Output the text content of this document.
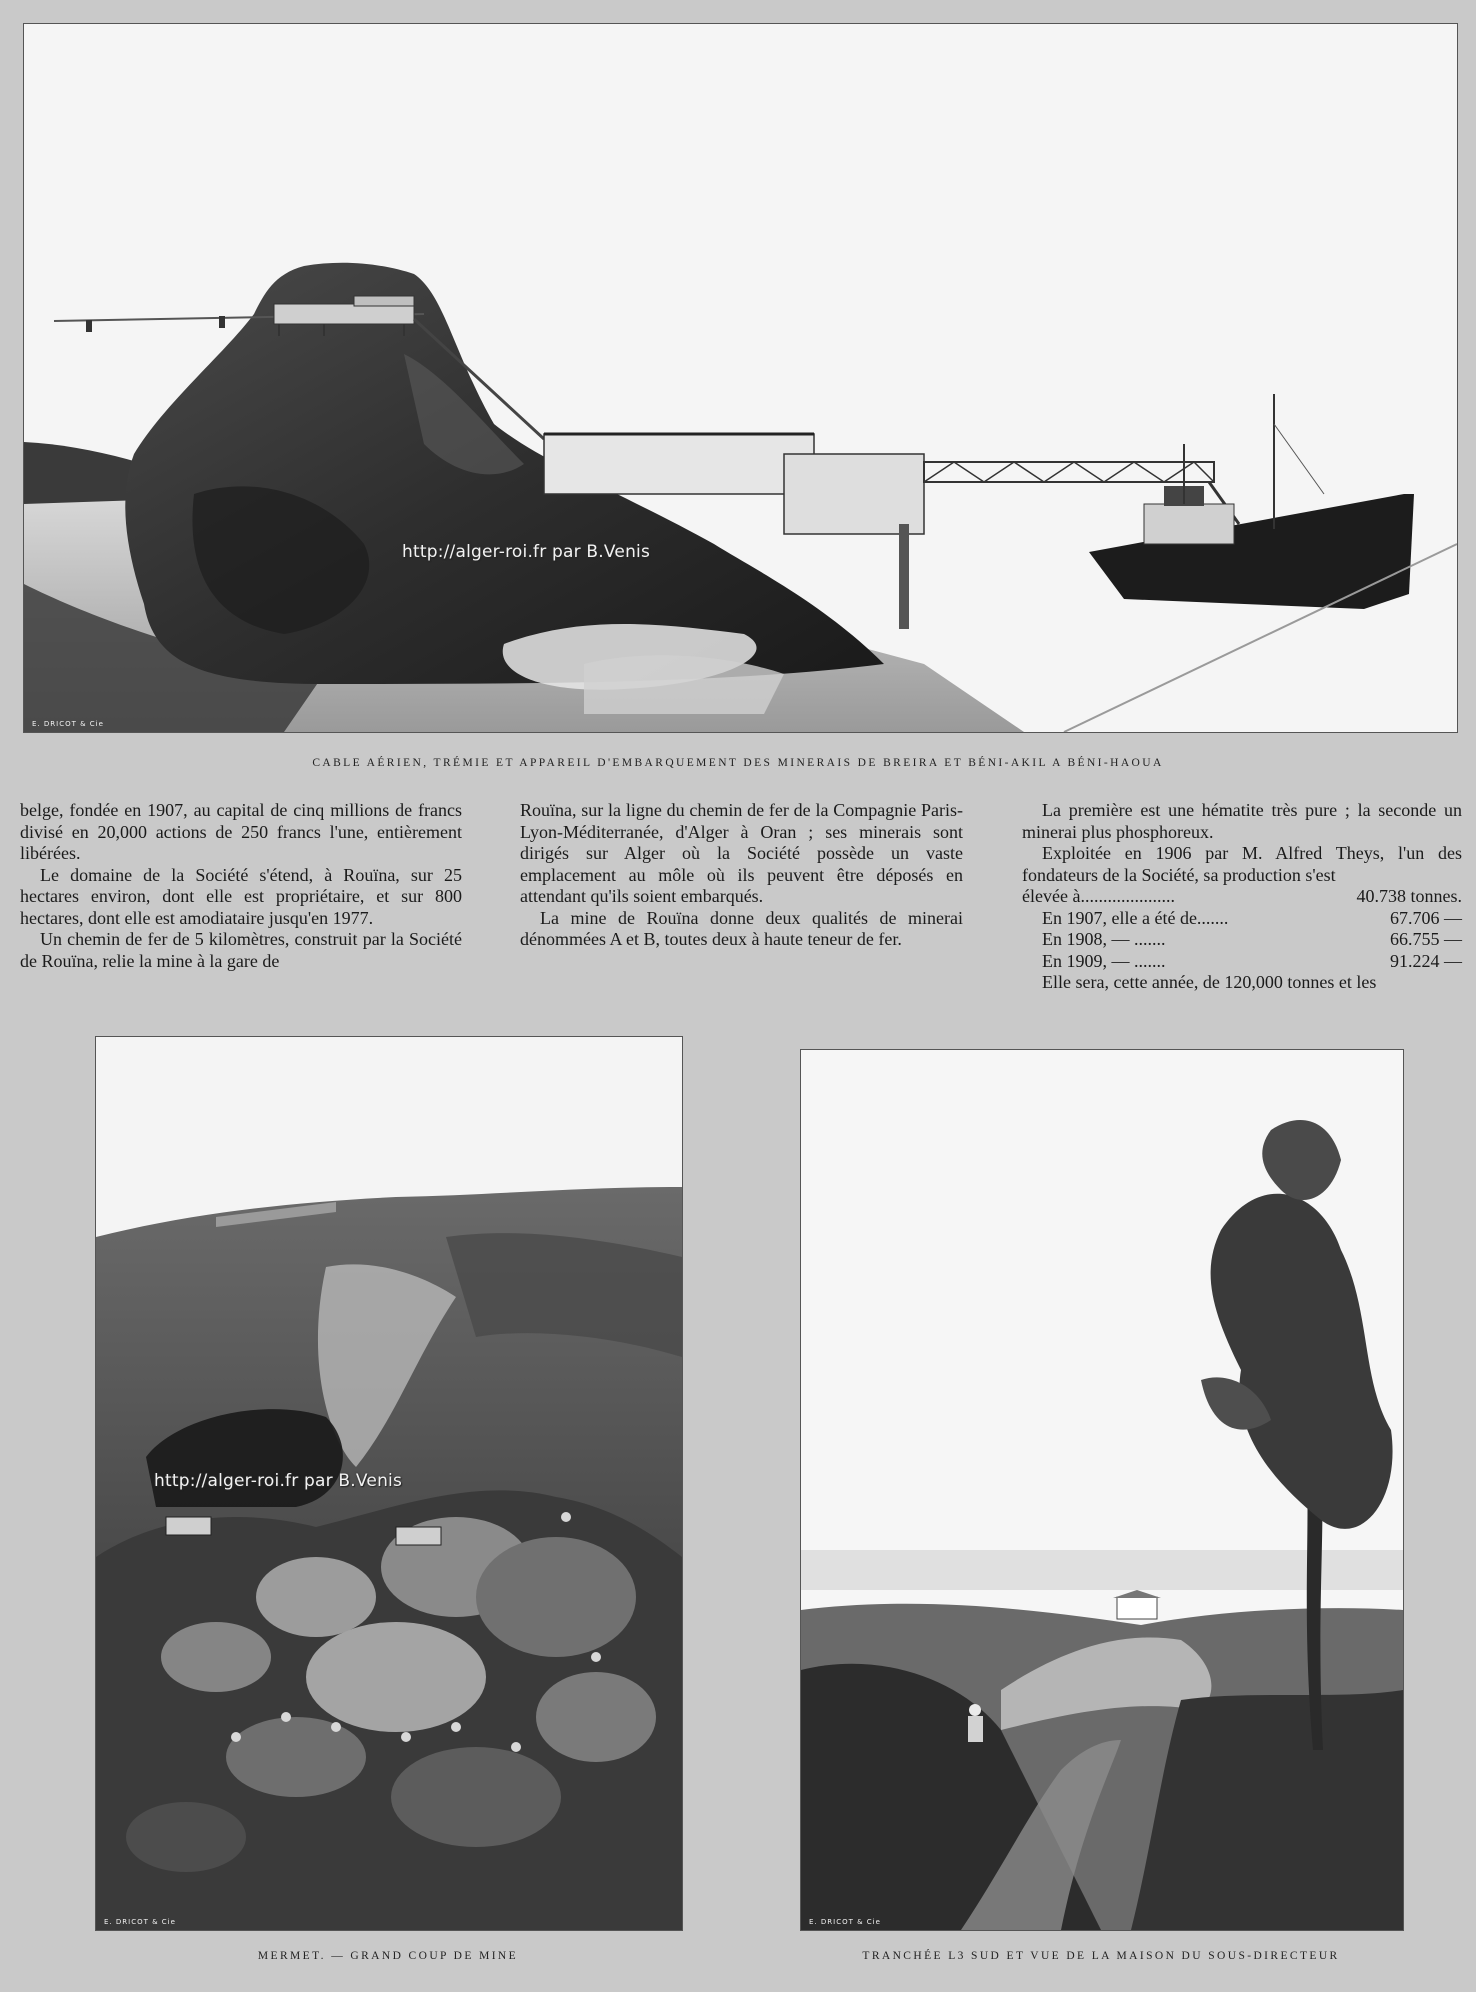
http://alger-roi.fr par B.Venis
E. DRICOT & Cie
CABLE AÉRIEN, TRÉMIE ET APPAREIL D'EMBARQUEMENT DES MINERAIS DE BREIRA ET BÉNI-AKIL A BÉNI-HAOUA

belge, fondée en 1907, au capital de cinq millions de francs divisé en 20,000 actions de 250 francs l'une, entièrement libérées.

Le domaine de la Société s'étend, à Rouïna, sur 25 hectares environ, dont elle est propriétaire, et sur 800 hectares, dont elle est amodiataire jusqu'en 1977.

Un chemin de fer de 5 kilomètres, construit par la Société de Rouïna, relie la mine à la gare de

Rouïna, sur la ligne du chemin de fer de la Compagnie Paris-Lyon-Méditerranée, d'Alger à Oran ; ses minerais sont dirigés sur Alger où la Société possède un vaste emplacement au môle où ils peuvent être déposés en attendant qu'ils soient embarqués.

La mine de Rouïna donne deux qualités de minerai dénommées A et B, toutes deux à haute teneur de fer.

La première est une hématite très pure ; la seconde un minerai plus phosphoreux.

Exploitée en 1906 par M. Alfred Theys, l'un des fondateurs de la Société, sa production s'est

élevée à.....................	40.738 tonnes.
En 1907, elle a été de.......	67.706 —
En 1908, — .......	66.755 —
En 1909, — .......	91.224 —

Elle sera, cette année, de 120,000 tonnes et les

http://alger-roi.fr par B.Venis
E. DRICOT & Cie
MERMET. — GRAND COUP DE MINE
E. DRICOT & Cie
TRANCHÉE L3 SUD ET VUE DE LA MAISON DU SOUS-DIRECTEUR
